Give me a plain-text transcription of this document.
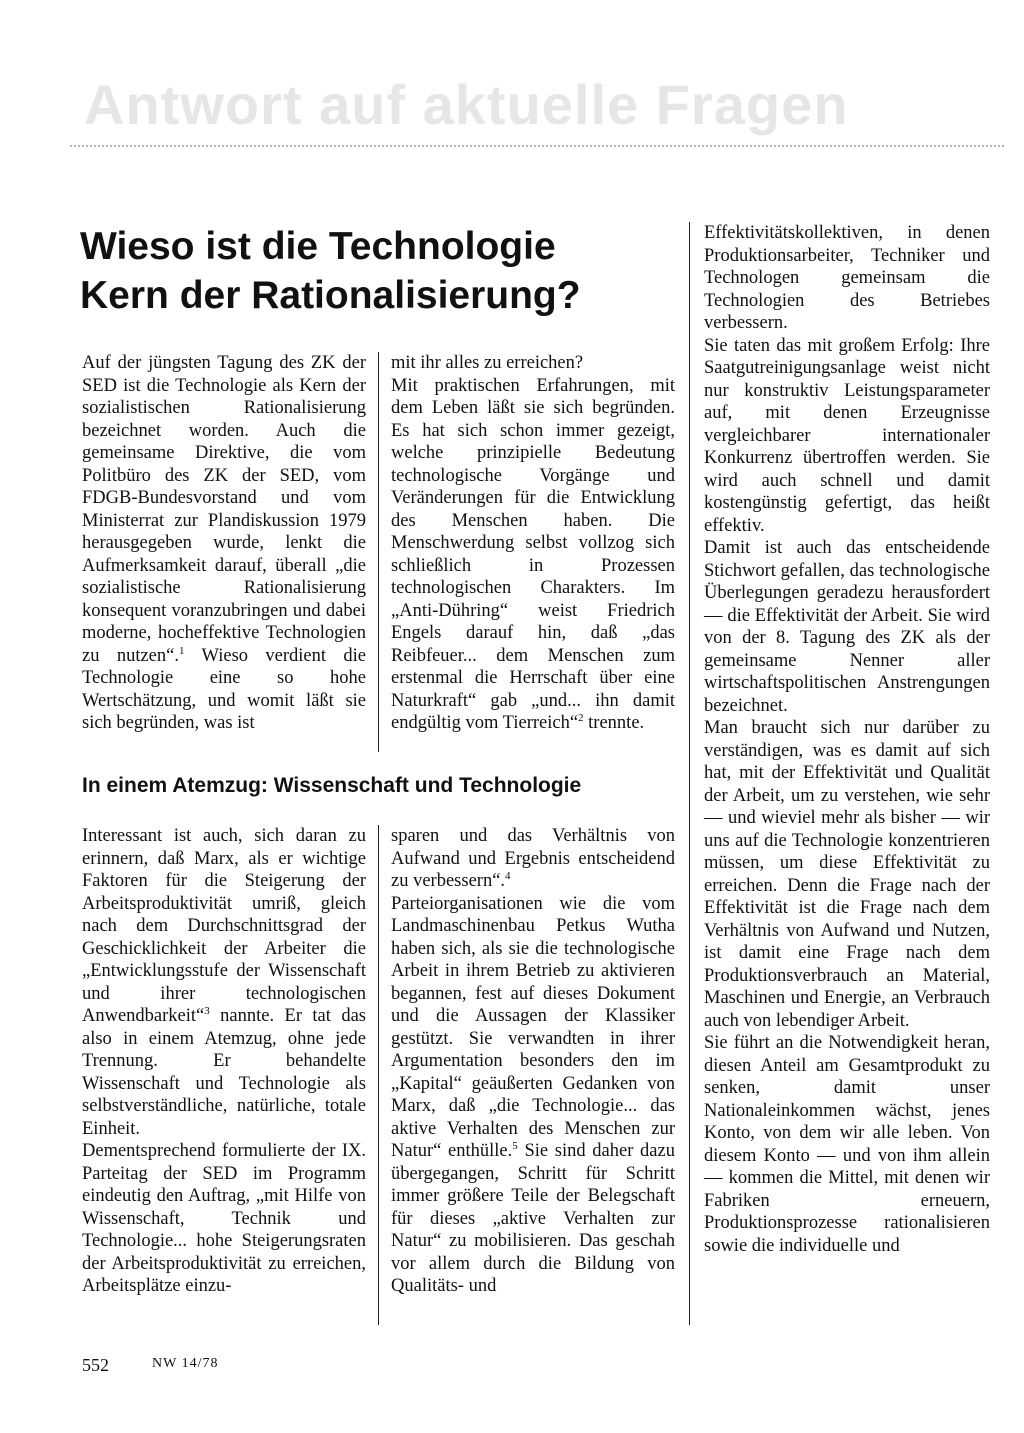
Antwort auf aktuelle Fragen
Wieso ist die Technologie
Kern der Rationalisierung?

Auf der jüngsten Tagung des ZK der SED ist die Technologie als Kern der sozialistischen Rationalisierung bezeichnet worden. Auch die gemeinsame Direktive, die vom Politbüro des ZK der SED, vom FDGB-Bundesvorstand und vom Ministerrat zur Plandiskussion 1979 herausgegeben wurde, lenkt die Aufmerksamkeit darauf, überall „die sozialistische Rationalisierung konsequent voranzubringen und dabei moderne, hocheffektive Technologien zu nutzen“.$^1$ Wieso verdient die Technologie eine so hohe Wertschätzung, und womit läßt sie sich begründen, was ist

mit ihr alles zu erreichen?

Mit praktischen Erfahrungen, mit dem Leben läßt sie sich begründen. Es hat sich schon immer gezeigt, welche prinzipielle Bedeutung technologische Vorgänge und Veränderungen für die Entwicklung des Menschen haben. Die Menschwerdung selbst vollzog sich schließlich in Prozessen technologischen Charakters. Im „Anti-Dühring“ weist Friedrich Engels darauf hin, daß „das Reibfeuer... dem Menschen zum erstenmal die Herrschaft über eine Naturkraft“ gab „und... ihn damit endgültig vom Tierreich“$^2$ trennte.

In einem Atemzug: Wissenschaft und Technologie

Interessant ist auch, sich daran zu erinnern, daß Marx, als er wichtige Faktoren für die Steigerung der Arbeitsproduktivität umriß, gleich nach dem Durchschnittsgrad der Geschicklichkeit der Arbeiter die „Entwicklungsstufe der Wissenschaft und ihrer technologischen Anwendbarkeit“$^3$ nannte. Er tat das also in einem Atemzug, ohne jede Trennung. Er behandelte Wissenschaft und Technologie als selbstverständliche, natürliche, totale Einheit.

Dementsprechend formulierte der IX. Parteitag der SED im Programm eindeutig den Auftrag, „mit Hilfe von Wissenschaft, Technik und Technologie... hohe Steigerungsraten der Arbeitsproduktivität zu erreichen, Arbeitsplätze einzu-

sparen und das Verhältnis von Aufwand und Ergebnis entscheidend zu verbessern“.$^4$

Parteiorganisationen wie die vom Landmaschinenbau Petkus Wutha haben sich, als sie die technologische Arbeit in ihrem Betrieb zu aktivieren begannen, fest auf dieses Dokument und die Aussagen der Klassiker gestützt. Sie verwandten in ihrer Argumentation besonders den im „Kapital“ geäußerten Gedanken von Marx, daß „die Technologie... das aktive Verhalten des Menschen zur Natur“ enthülle.$^5$ Sie sind daher dazu übergegangen, Schritt für Schritt immer größere Teile der Belegschaft für dieses „aktive Verhalten zur Natur“ zu mobilisieren. Das geschah vor allem durch die Bildung von Qualitäts- und

Effektivitätskollektiven, in denen Produktionsarbeiter, Techniker und Technologen gemeinsam die Technologien des Betriebes verbessern.

Sie taten das mit großem Erfolg: Ihre Saatgutreinigungsanlage weist nicht nur konstruktiv Leistungsparameter auf, mit denen Erzeugnisse vergleichbarer internationaler Konkurrenz übertroffen werden. Sie wird auch schnell und damit kostengünstig gefertigt, das heißt effektiv.

Damit ist auch das entscheidende Stichwort gefallen, das technologische Überlegungen geradezu herausfordert — die Effektivität der Arbeit. Sie wird von der 8. Tagung des ZK als der gemeinsame Nenner aller wirtschaftspolitischen Anstrengungen bezeichnet.

Man braucht sich nur darüber zu verständigen, was es damit auf sich hat, mit der Effektivität und Qualität der Arbeit, um zu verstehen, wie sehr — und wieviel mehr als bisher — wir uns auf die Technologie konzentrieren müssen, um diese Effektivität zu erreichen. Denn die Frage nach der Effektivität ist die Frage nach dem Verhältnis von Aufwand und Nutzen, ist damit eine Frage nach dem Produktionsverbrauch an Material, Maschinen und Energie, an Verbrauch auch von lebendiger Arbeit.

Sie führt an die Notwendigkeit heran, diesen Anteil am Gesamtprodukt zu senken, damit unser Nationaleinkommen wächst, jenes Konto, von dem wir alle leben. Von diesem Konto — und von ihm allein — kommen die Mittel, mit denen wir Fabriken erneuern, Produktionsprozesse rationalisieren sowie die individuelle und

552	NW 14/78
